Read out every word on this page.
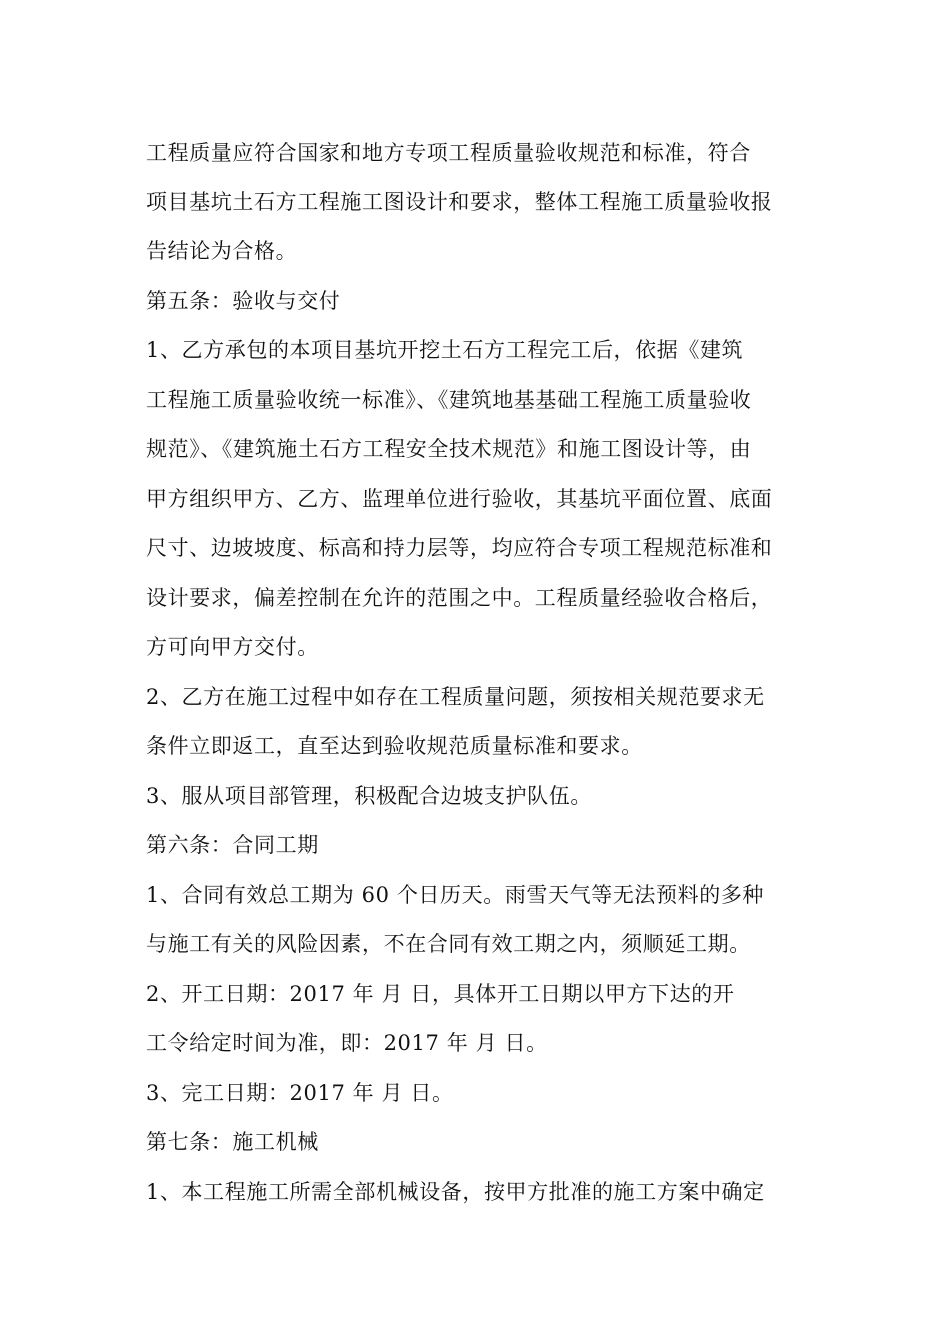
工程质量应符合国家和地方专项工程质量验收规范和标准，符合
项目基坑土石方工程施工图设计和要求，整体工程施工质量验收报
告结论为合格。
第五条：验收与交付
1、乙方承包的本项目基坑开挖土石方工程完工后，依据《建筑
工程施工质量验收统一标准》、《建筑地基基础工程施工质量验收
规范》、《建筑施土石方工程安全技术规范》和施工图设计等，由
甲方组织甲方、乙方、监理单位进行验收，其基坑平面位置、底面
尺寸、边坡坡度、标高和持力层等，均应符合专项工程规范标准和
设计要求，偏差控制在允许的范围之中。工程质量经验收合格后，
方可向甲方交付。
2、乙方在施工过程中如存在工程质量问题，须按相关规范要求无
条件立即返工，直至达到验收规范质量标准和要求。
3、服从项目部管理，积极配合边坡支护队伍。
第六条：合同工期
1、合同有效总工期为 60 个日历天。雨雪天气等无法预料的多种
与施工有关的风险因素，不在合同有效工期之内，须顺延工期。
2、开工日期：2017 年 月 日，具体开工日期以甲方下达的开
工令给定时间为准，即：2017 年 月 日。
3、完工日期：2017 年 月 日。
第七条：施工机械
1、本工程施工所需全部机械设备，按甲方批准的施工方案中确定
